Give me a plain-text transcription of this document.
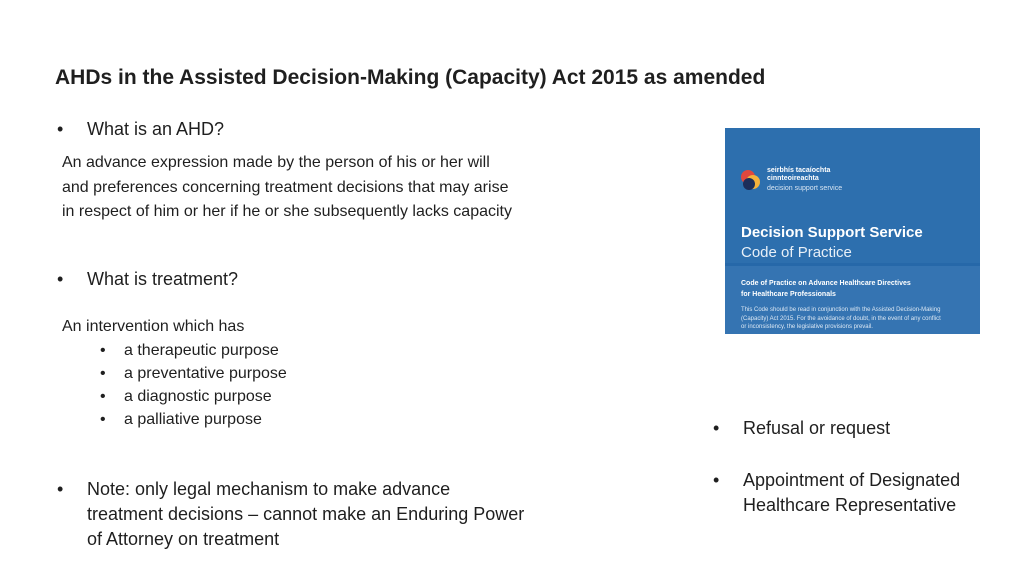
AHDs in the Assisted Decision-Making (Capacity) Act 2015 as amended
•	What is an AHD?
An advance expression made by the person of his or her will
and preferences concerning treatment decisions that may arise
in respect of him or her if he or she subsequently lacks capacity
•	What is treatment?
An intervention which has
• a therapeutic purpose
• a preventative purpose
• a diagnostic purpose
• a palliative purpose
•	Note: only legal mechanism to make advance
treatment decisions – cannot make an Enduring Power
of Attorney on treatment
seirbhís tacaíochta
cinnteoireachta
decision support service
Decision Support Service
Code of Practice
Code of Practice on Advance Healthcare Directives
for Healthcare Professionals
This Code should be read in conjunction with the Assisted Decision-Making
(Capacity) Act 2015. For the avoidance of doubt, in the event of any conflict
or inconsistency, the legislative provisions prevail.
•	Refusal or request
•	Appointment of Designated
Healthcare Representative
